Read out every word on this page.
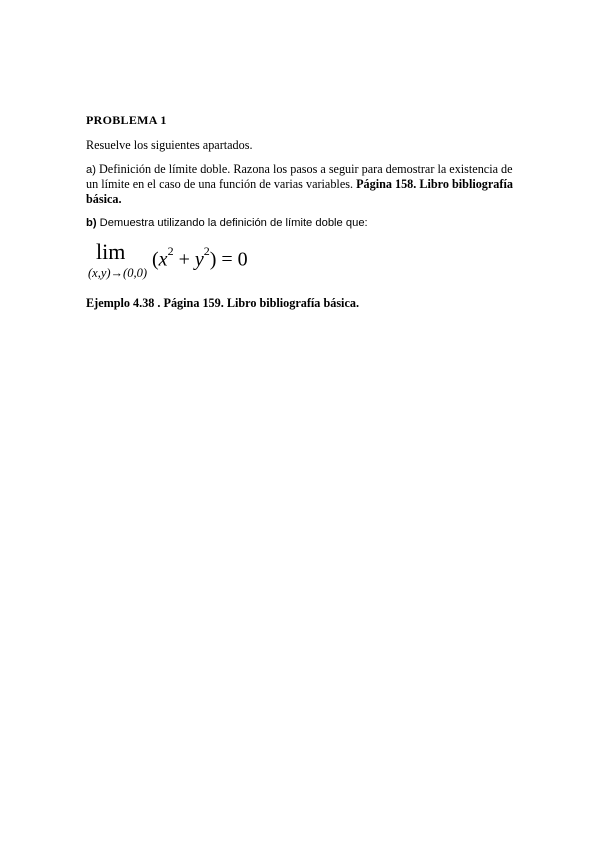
PROBLEMA 1

Resuelve los siguientes apartados.

a) Definición de límite doble. Razona los pasos a seguir para demostrar la existencia de un límite en el caso de una función de varias variables. Página 158. Libro bibliografía básica.

b) Demuestra utilizando la definición de límite doble que:

lim
(x,y)→(0,0)
$(x^2 + y^2) = 0$

Ejemplo 4.38 . Página 159. Libro bibliografía básica.
